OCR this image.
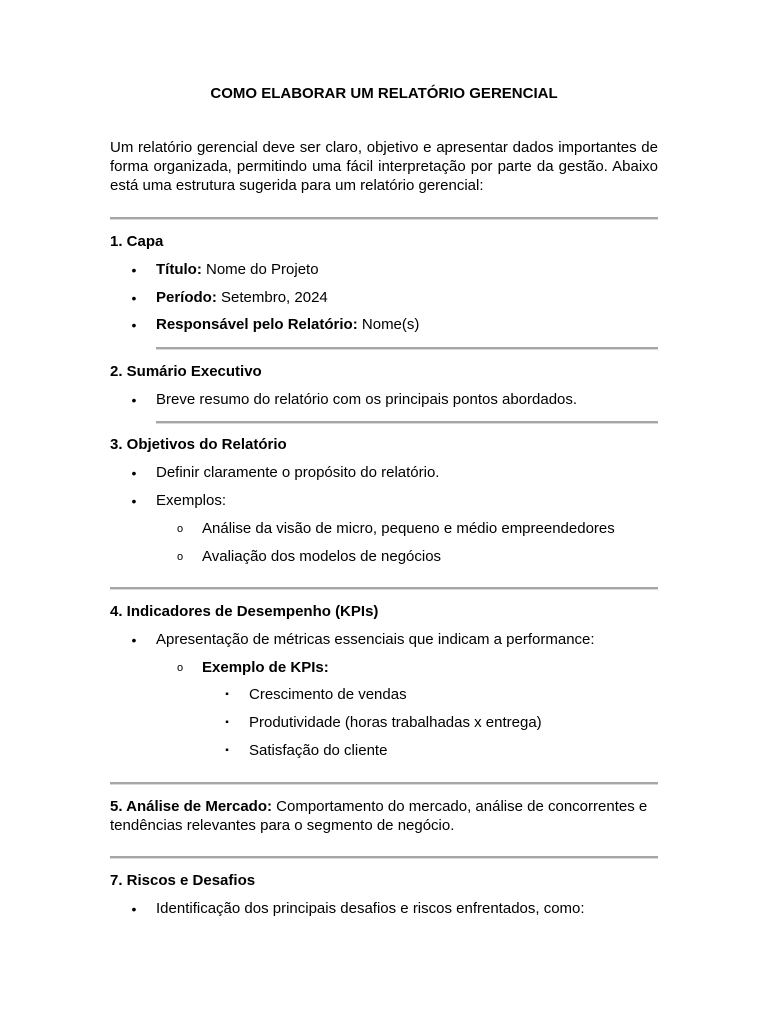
COMO ELABORAR UM RELATÓRIO GERENCIAL
Um relatório gerencial deve ser claro, objetivo e apresentar dados importantes de forma organizada, permitindo uma fácil interpretação por parte da gestão. Abaixo está uma estrutura sugerida para um relatório gerencial:
1. Capa
• Título: Nome do Projeto
• Período: Setembro, 2024
• Responsável pelo Relatório: Nome(s)
2. Sumário Executivo
• Breve resumo do relatório com os principais pontos abordados.
3. Objetivos do Relatório
• Definir claramente o propósito do relatório.
• Exemplos:
o Análise da visão de micro, pequeno e médio empreendedores
o Avaliação dos modelos de negócios
4. Indicadores de Desempenho (KPIs)
• Apresentação de métricas essenciais que indicam a performance:
o Exemplo de KPIs:
▪ Crescimento de vendas
▪ Produtividade (horas trabalhadas x entrega)
▪ Satisfação do cliente
5. Análise de Mercado: Comportamento do mercado, análise de concorrentes e tendências relevantes para o segmento de negócio.
7. Riscos e Desafios
• Identificação dos principais desafios e riscos enfrentados, como:
